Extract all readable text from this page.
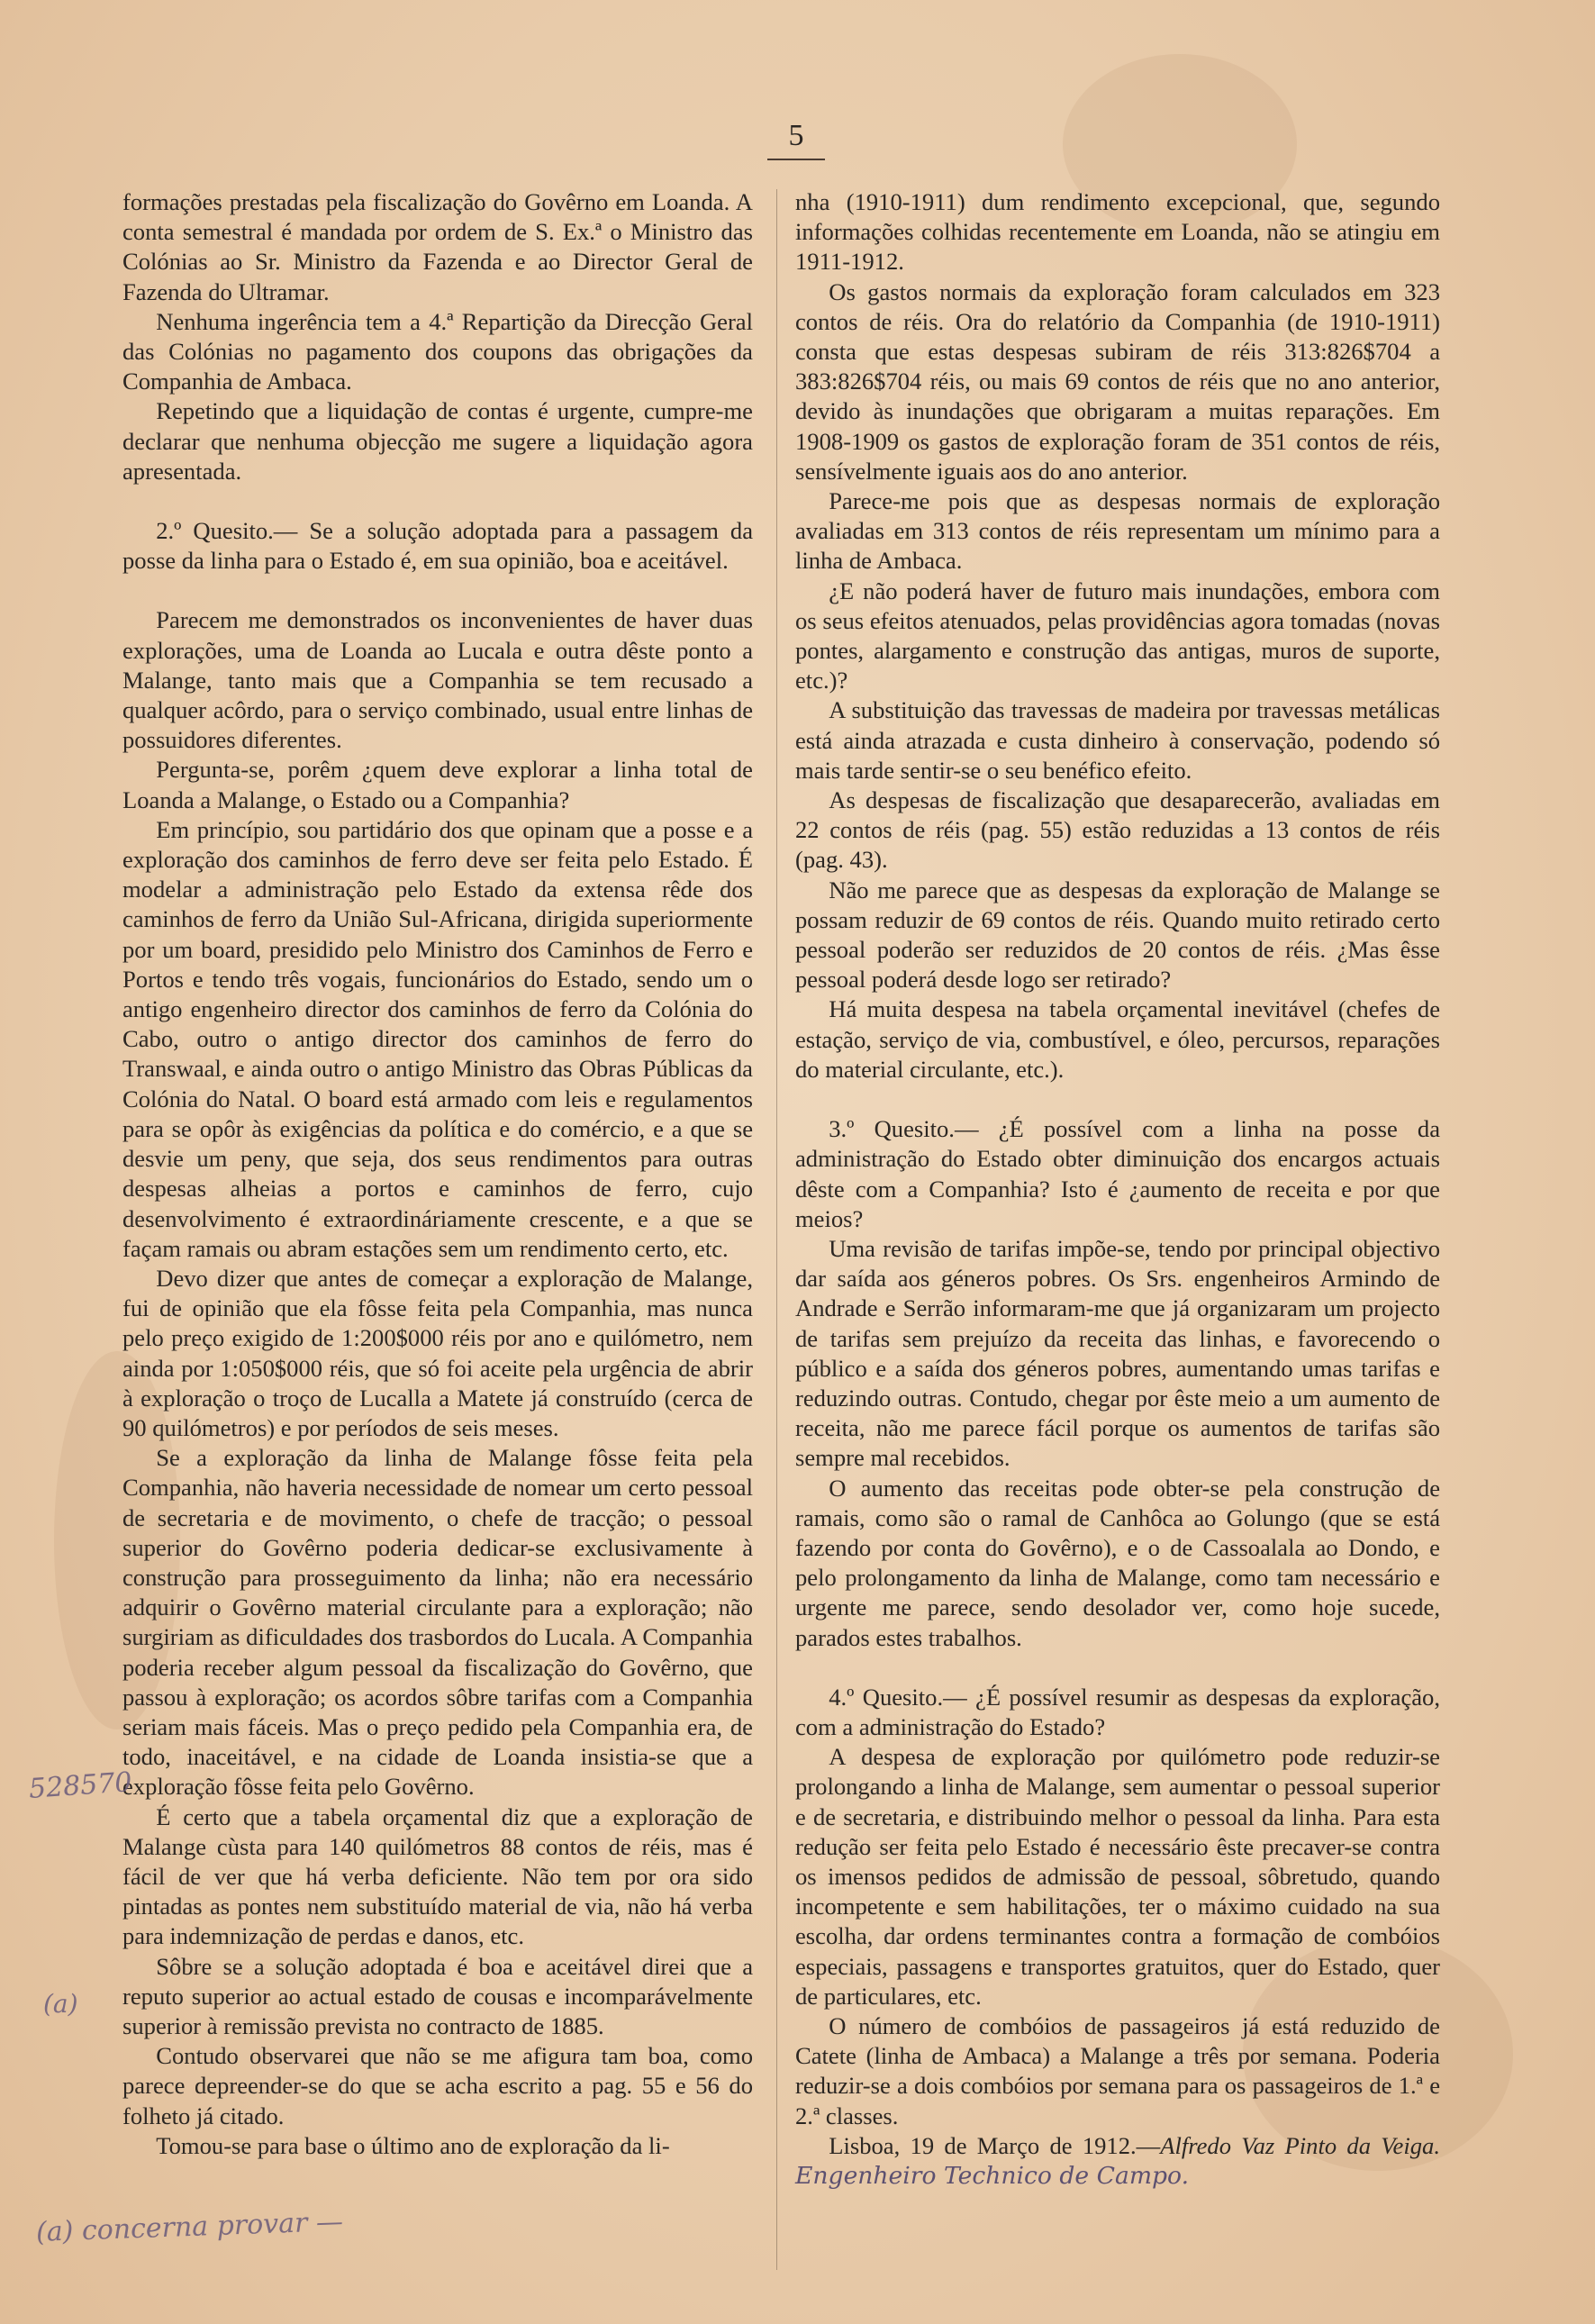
5

formações prestadas pela fiscalização do Govêrno em Loanda. A conta semestral é mandada por ordem de S. Ex.ª o Ministro das Colónias ao Sr. Ministro da Fazenda e ao Director Geral de Fazenda do Ultramar.

Nenhuma ingerência tem a 4.ª Repartição da Direcção Geral das Colónias no pagamento dos coupons das obrigações da Companhia de Ambaca.

Repetindo que a liquidação de contas é urgente, cumpre-me declarar que nenhuma objecção me sugere a liquidação agora apresentada.

2.º Quesito.— Se a solução adoptada para a passagem da posse da linha para o Estado é, em sua opinião, boa e aceitável.

Parecem me demonstrados os inconvenientes de haver duas explorações, uma de Loanda ao Lucala e outra dêste ponto a Malange, tanto mais que a Companhia se tem recusado a qualquer acôrdo, para o serviço combinado, usual entre linhas de possuidores diferentes.

Pergunta-se, porêm ¿quem deve explorar a linha total de Loanda a Malange, o Estado ou a Companhia?

Em princípio, sou partidário dos que opinam que a posse e a exploração dos caminhos de ferro deve ser feita pelo Estado. É modelar a administração pelo Estado da extensa rêde dos caminhos de ferro da União Sul-Africana, dirigida superiormente por um board, presidido pelo Ministro dos Caminhos de Ferro e Portos e tendo três vogais, funcionários do Estado, sendo um o antigo engenheiro director dos caminhos de ferro da Colónia do Cabo, outro o antigo director dos caminhos de ferro do Transwaal, e ainda outro o antigo Ministro das Obras Públicas da Colónia do Natal. O board está armado com leis e regulamentos para se opôr às exigências da política e do comércio, e a que se desvie um peny, que seja, dos seus rendimentos para outras despesas alheias a portos e caminhos de ferro, cujo desenvolvimento é extraordináriamente crescente, e a que se façam ramais ou abram estações sem um rendimento certo, etc.

Devo dizer que antes de começar a exploração de Malange, fui de opinião que ela fôsse feita pela Companhia, mas nunca pelo preço exigido de 1:200$000 réis por ano e quilómetro, nem ainda por 1:050$000 réis, que só foi aceite pela urgência de abrir à exploração o troço de Lucalla a Matete já construído (cerca de 90 quilómetros) e por períodos de seis meses.

Se a exploração da linha de Malange fôsse feita pela Companhia, não haveria necessidade de nomear um certo pessoal de secretaria e de movimento, o chefe de tracção; o pessoal superior do Govêrno poderia dedicar-se exclusivamente à construção para prosseguimento da linha; não era necessário adquirir o Govêrno material circulante para a exploração; não surgiriam as dificuldades dos trasbordos do Lucala. A Companhia poderia receber algum pessoal da fiscalização do Govêrno, que passou à exploração; os acordos sôbre tarifas com a Companhia seriam mais fáceis. Mas o preço pedido pela Companhia era, de todo, inaceitável, e na cidade de Loanda insistia-se que a exploração fôsse feita pelo Govêrno.

É certo que a tabela orçamental diz que a exploração de Malange cùsta para 140 quilómetros 88 contos de réis, mas é fácil de ver que há verba deficiente. Não tem por ora sido pintadas as pontes nem substituído material de via, não há verba para indemnização de perdas e danos, etc.

Sôbre se a solução adoptada é boa e aceitável direi que a reputo superior ao actual estado de cousas e incomparávelmente superior à remissão prevista no contracto de 1885.

Contudo observarei que não se me afigura tam boa, como parece depreender-se do que se acha escrito a pag. 55 e 56 do folheto já citado.

Tomou-se para base o último ano de exploração da li-

nha (1910-1911) dum rendimento excepcional, que, segundo informações colhidas recentemente em Loanda, não se atingiu em 1911-1912.

Os gastos normais da exploração foram calculados em 323 contos de réis. Ora do relatório da Companhia (de 1910-1911) consta que estas despesas subiram de réis 313:826$704 a 383:826$704 réis, ou mais 69 contos de réis que no ano anterior, devido às inundações que obrigaram a muitas reparações. Em 1908-1909 os gastos de exploração foram de 351 contos de réis, sensívelmente iguais aos do ano anterior.

Parece-me pois que as despesas normais de exploração avaliadas em 313 contos de réis representam um mínimo para a linha de Ambaca.

¿E não poderá haver de futuro mais inundações, embora com os seus efeitos atenuados, pelas providências agora tomadas (novas pontes, alargamento e construção das antigas, muros de suporte, etc.)?

A substituição das travessas de madeira por travessas metálicas está ainda atrazada e custa dinheiro à conservação, podendo só mais tarde sentir-se o seu benéfico efeito.

As despesas de fiscalização que desaparecerão, avaliadas em 22 contos de réis (pag. 55) estão reduzidas a 13 contos de réis (pag. 43).

Não me parece que as despesas da exploração de Malange se possam reduzir de 69 contos de réis. Quando muito retirado certo pessoal poderão ser reduzidos de 20 contos de réis. ¿Mas êsse pessoal poderá desde logo ser retirado?

Há muita despesa na tabela orçamental inevitável (chefes de estação, serviço de via, combustível, e óleo, percursos, reparações do material circulante, etc.).

3.º Quesito.— ¿É possível com a linha na posse da administração do Estado obter diminuição dos encargos actuais dêste com a Companhia? Isto é ¿aumento de receita e por que meios?

Uma revisão de tarifas impõe-se, tendo por principal objectivo dar saída aos géneros pobres. Os Srs. engenheiros Armindo de Andrade e Serrão informaram-me que já organizaram um projecto de tarifas sem prejuízo da receita das linhas, e favorecendo o público e a saída dos géneros pobres, aumentando umas tarifas e reduzindo outras. Contudo, chegar por êste meio a um aumento de receita, não me parece fácil porque os aumentos de tarifas são sempre mal recebidos.

O aumento das receitas pode obter-se pela construção de ramais, como são o ramal de Canhôca ao Golungo (que se está fazendo por conta do Govêrno), e o de Cassoalala ao Dondo, e pelo prolongamento da linha de Malange, como tam necessário e urgente me parece, sendo desolador ver, como hoje sucede, parados estes trabalhos.

4.º Quesito.— ¿É possível resumir as despesas da exploração, com a administração do Estado?

A despesa de exploração por quilómetro pode reduzir-se prolongando a linha de Malange, sem aumentar o pessoal superior e de secretaria, e distribuindo melhor o pessoal da linha. Para esta redução ser feita pelo Estado é necessário êste precaver-se contra os imensos pedidos de admissão de pessoal, sôbretudo, quando incompetente e sem habilitações, ter o máximo cuidado na sua escolha, dar ordens terminantes contra a formação de combóios especiais, passagens e transportes gratuitos, quer do Estado, quer de particulares, etc.

O número de combóios de passageiros já está reduzido de Catete (linha de Ambaca) a Malange a três por semana. Poderia reduzir-se a dois combóios por semana para os passageiros de 1.ª e 2.ª classes.

Lisboa, 19 de Março de 1912.—Alfredo Vaz Pinto da Veiga. Engenheiro Technico de Campo.

528570
(a)
(a) concerna provar —
